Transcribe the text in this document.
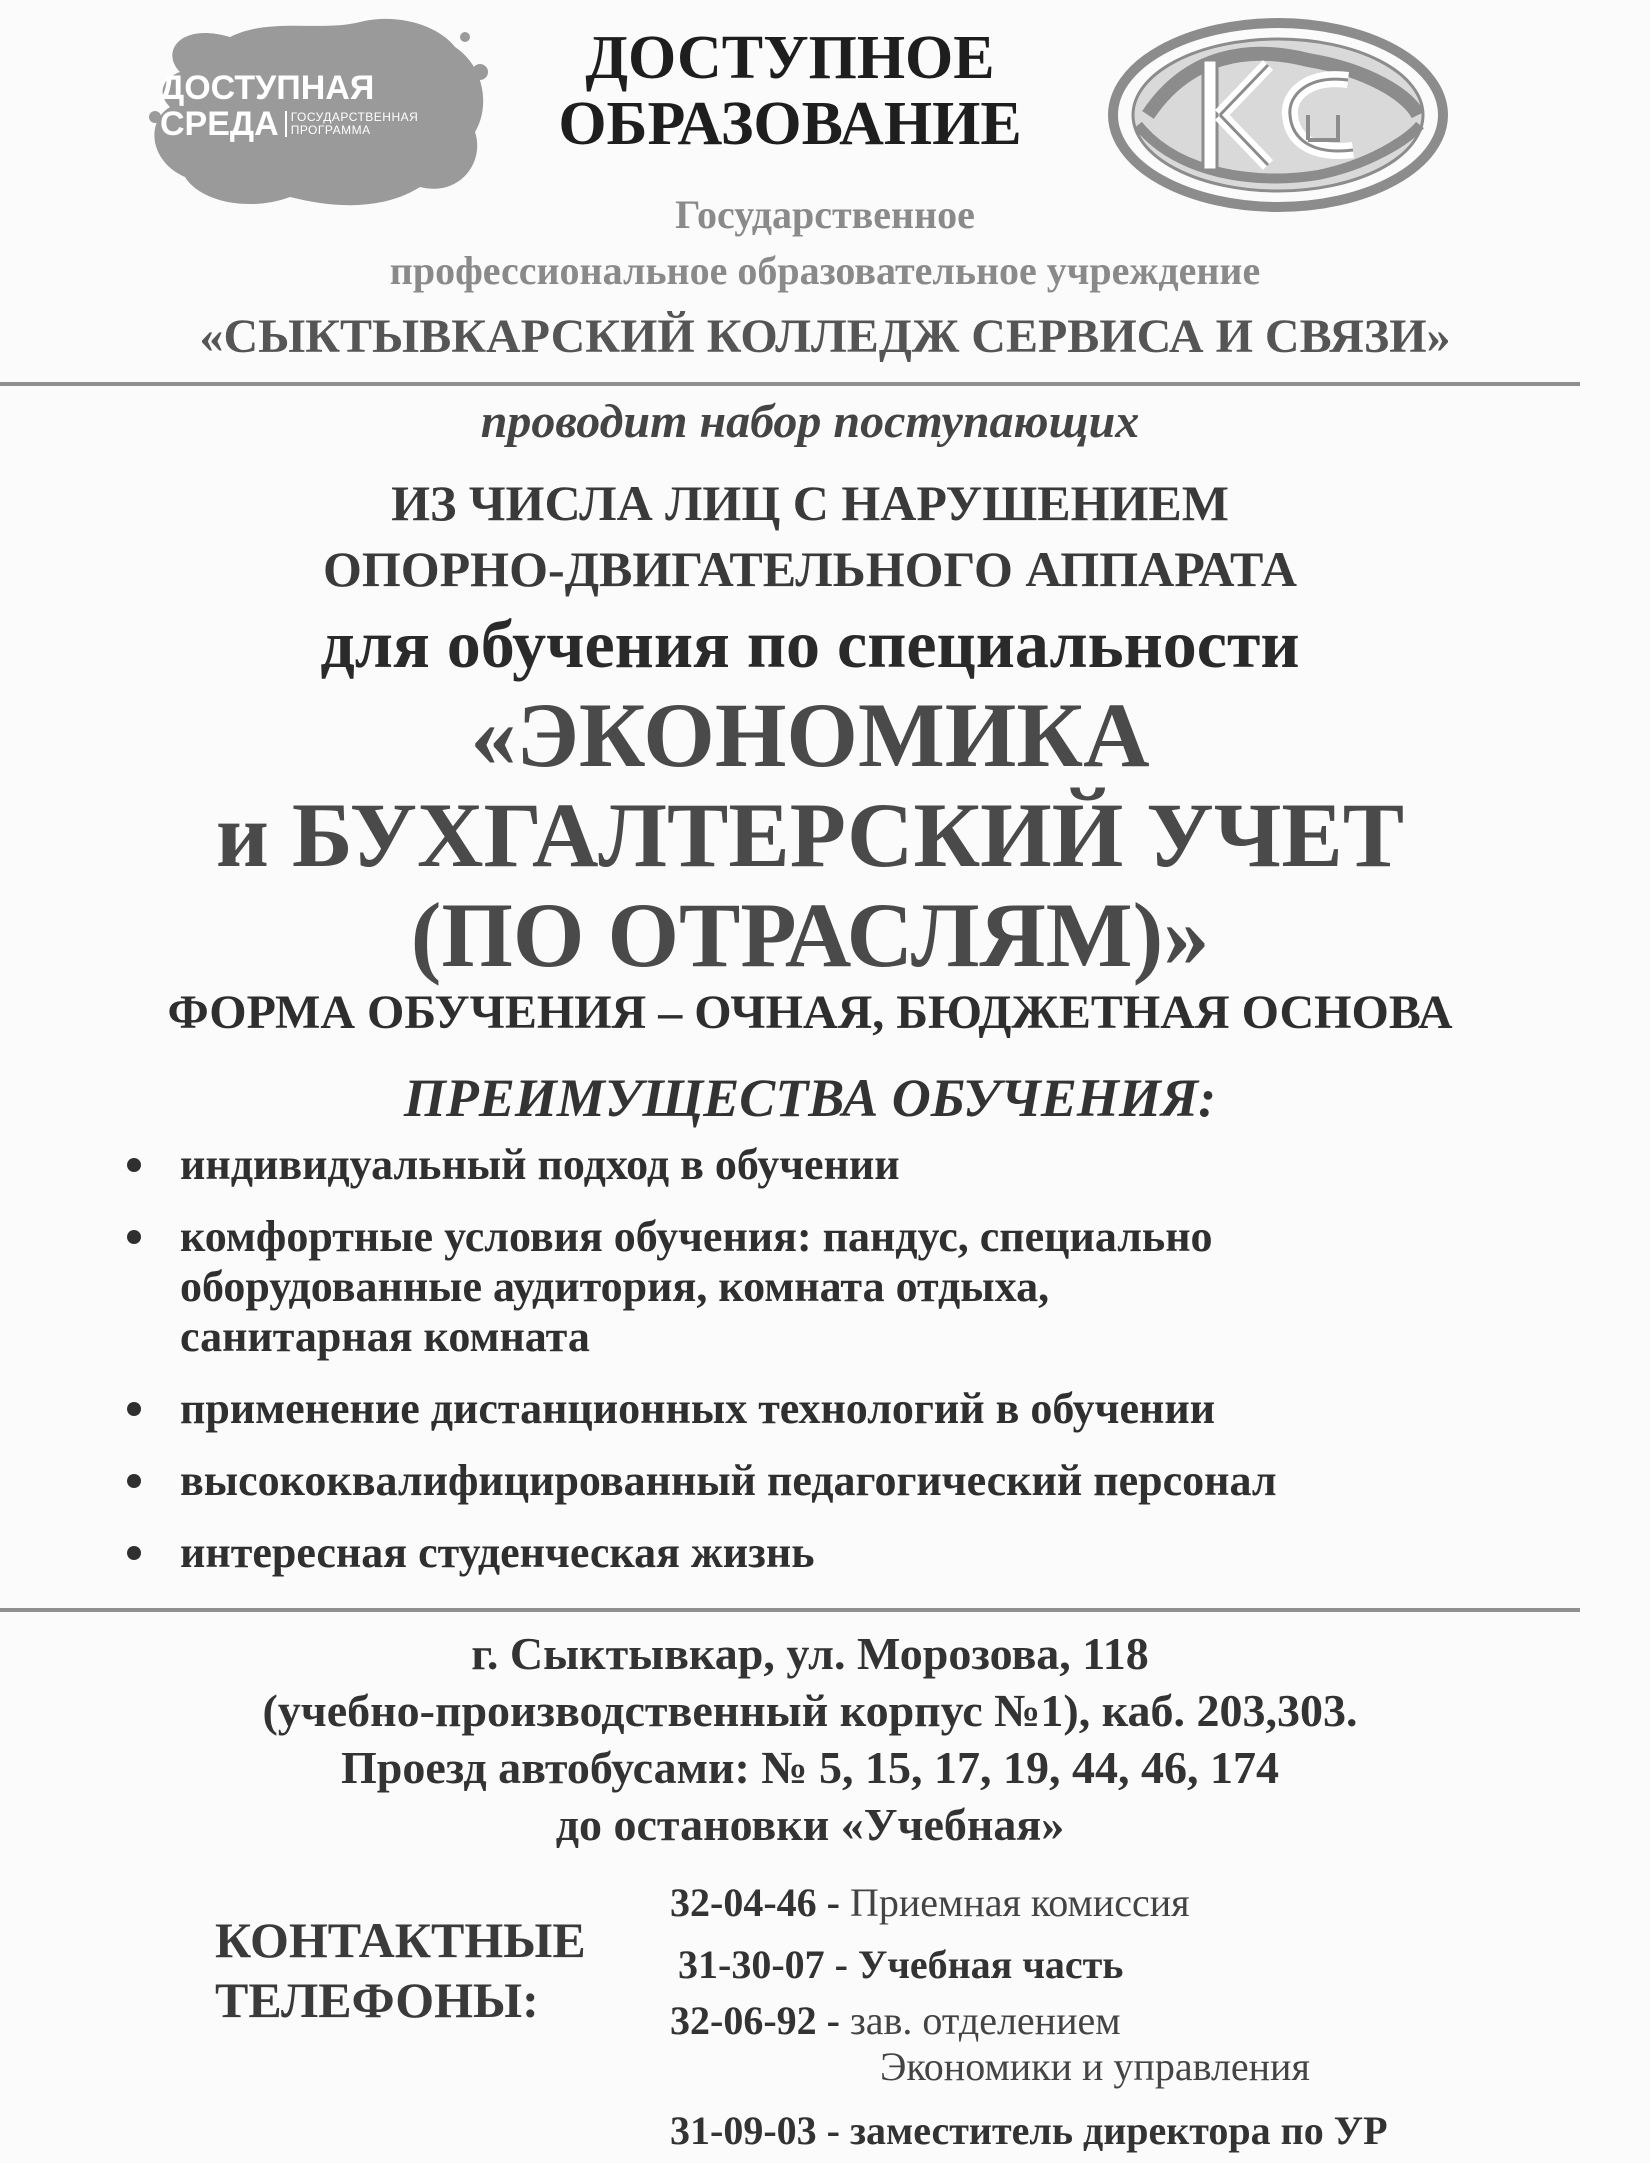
ДОСТУПНАЯ
СРЕДА	ГОСУДАРСТВЕННАЯ
ПРОГРАММА
ДОСТУПНОЕ
ОБРАЗОВАНИЕ
Государственное
профессиональное образовательное учреждение
«СЫКТЫВКАРСКИЙ КОЛЛЕДЖ СЕРВИСА И СВЯЗИ»
проводит набор поступающих
ИЗ ЧИСЛА ЛИЦ С НАРУШЕНИЕМ
ОПОРНО-ДВИГАТЕЛЬНОГО АППАРАТА
для обучения по специальности
«ЭКОНОМИКА
и БУХГАЛТЕРСКИЙ УЧЕТ
(ПО ОТРАСЛЯМ)»
ФОРМА ОБУЧЕНИЯ – ОЧНАЯ, БЮДЖЕТНАЯ ОСНОВА
ПРЕИМУЩЕСТВА ОБУЧЕНИЯ:
индивидуальный подход в обучении
комфортные условия обучения: пандус, специально
оборудованные аудитория, комната отдыха,
санитарная комната
применение дистанционных технологий в обучении
высококвалифицированный педагогический персонал
интересная студенческая жизнь
г. Сыктывкар, ул. Морозова, 118
(учебно-производственный корпус №1), каб. 203,303.
Проезд автобусами: № 5, 15, 17, 19, 44, 46, 174
до остановки «Учебная»
КОНТАКТНЫЕ
ТЕЛЕФОНЫ:
32-04-46 - Приемная комиссия
31-30-07 - Учебная часть
32-06-92 - зав. отделением
Экономики и управления
31-09-03 - заместитель директора по УР
